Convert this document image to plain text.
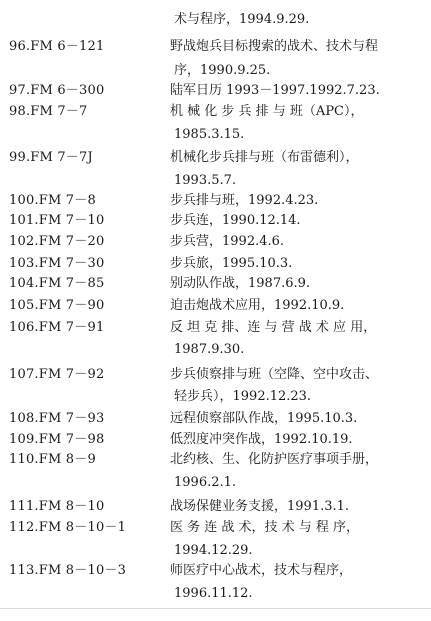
术与程序，1994.9.29.
96.FM 6－121	野战炮兵目标搜索的战术、技术与程
序，1990.9.25.
97.FM 6－300	陆军日历 1993－1997.1992.7.23.
98.FM 7－7	机 械 化 步 兵 排 与 班（APC），
1985.3.15.
99.FM 7－7J	机械化步兵排与班（布雷德利），
1993.5.7.
100.FM 7－8	步兵排与班，1992.4.23.
101.FM 7－10	步兵连，1990.12.14.
102.FM 7－20	步兵营，1992.4.6.
103.FM 7－30	步兵旅，1995.10.3.
104.FM 7－85	别动队作战，1987.6.9.
105.FM 7－90	迫击炮战术应用，1992.10.9.
106.FM 7－91	反 坦 克 排、连 与 营 战 术 应 用，
1987.9.30.
107.FM 7－92	步兵侦察排与班（空降、空中攻击、
轻步兵），1992.12.23.
108.FM 7－93	远程侦察部队作战，1995.10.3.
109.FM 7－98	低烈度冲突作战，1992.10.19.
110.FM 8－9	北约核、生、化防护医疗事项手册，
1996.2.1.
111.FM 8－10	战场保健业务支援，1991.3.1.
112.FM 8－10－1	医 务 连 战 术，技 术 与 程 序，
1994.12.29.
113.FM 8－10－3	师医疗中心战术，技术与程序，
1996.11.12.
